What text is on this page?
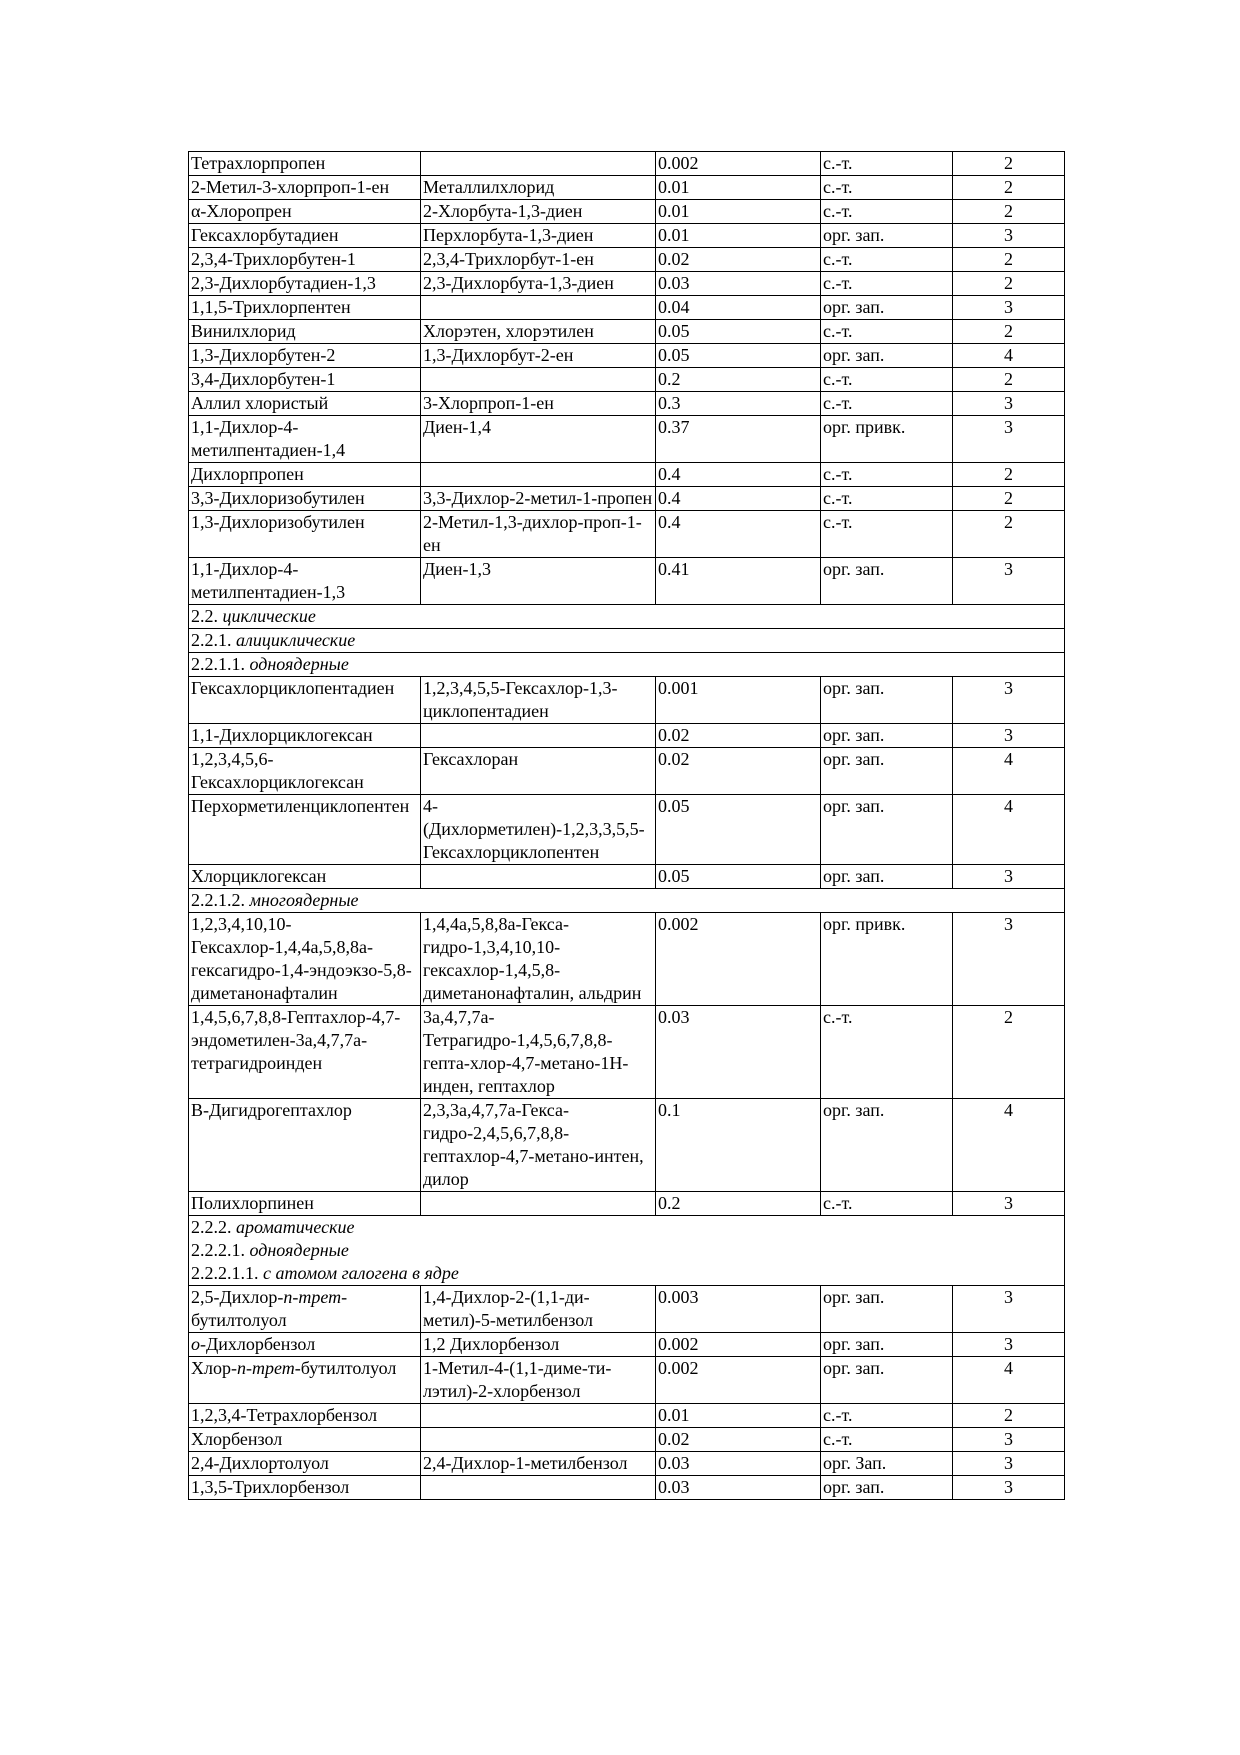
Тетрахлорпропен		0.002	с.-т.	2
2-Метил-3-хлорпроп-1-ен	Металлилхлорид	0.01	с.-т.	2
α-Хлоропрен	2-Хлорбута-1,3-диен	0.01	с.-т.	2
Гексахлорбутадиен	Перхлорбута-1,3-диен	0.01	орг. зап.	3
2,3,4-Трихлорбутен-1	2,3,4-Трихлорбут-1-ен	0.02	с.-т.	2
2,3-Дихлорбутадиен-1,3	2,3-Дихлорбута-1,3-диен	0.03	с.-т.	2
1,1,5-Трихлорпентен		0.04	орг. зап.	3
Винилхлорид	Хлорэтен, хлорэтилен	0.05	с.-т.	2
1,3-Дихлорбутен-2	1,3-Дихлорбут-2-ен	0.05	орг. зап.	4
3,4-Дихлорбутен-1		0.2	с.-т.	2
Аллил хлористый	3-Хлорпроп-1-ен	0.3	с.-т.	3
1,1-Дихлор-4-метилпентадиен-1,4	Диен-1,4	0.37	орг. привк.	3
Дихлорпропен		0.4	с.-т.	2
3,3-Дихлоризобутилен	3,3-Дихлор-2-метил-1-пропен	0.4	с.-т.	2
1,3-Дихлоризобутилен	2-Метил-1,3-дихлор-проп-1-ен	0.4	с.-т.	2
1,1-Дихлор-4-метилпентадиен-1,3	Диен-1,3	0.41	орг. зап.	3

2.2. циклические				

2.2.1. алициклические				

2.2.1.1. одноядерные				

Гексахлорциклопентадиен	1,2,3,4,5,5-Гексахлор-1,3-циклопентадиен	0.001	орг. зап.	3
1,1-Дихлорциклогексан		0.02	орг. зап.	3
1,2,3,4,5,6-Гексахлорциклогексан	Гексахлоран	0.02	орг. зап.	4
Перхорметиленциклопентен	4-(Дихлорметилен)-1,2,3,3,5,5-Гексахлорциклопентен	0.05	орг. зап.	4
Хлорциклогексан		0.05	орг. зап.	3

2.2.1.2. многоядерные				

1,2,3,4,10,10-Гексахлор-1,4,4а,5,8,8а-гексагидро-1,4-эндоэкзо-5,8-диметанонафталин	1,4,4а,5,8,8а-Гекса-гидро-1,3,4,10,10-гексахлор-1,4,5,8-диметанонафталин, альдрин	0.002	орг. привк.	3
1,4,5,6,7,8,8-Гептахлор-4,7-эндометилен-3а,4,7,7а-тетрагидроинден	3а,4,7,7а-Тетрагидро-1,4,5,6,7,8,8-гепта-хлор-4,7-метано-1Н-инден, гептахлор	0.03	с.-т.	2
В-Дигидрогептахлор	2,3,3а,4,7,7а-Гекса-гидро-2,4,5,6,7,8,8-гептахлор-4,7-метано-интен, дилор	0.1	орг. зап.	4
Полихлорпинен		0.2	с.-т.	3

2.2.2. ароматические
2.2.2.1. одноядерные
2.2.2.1.1. с атомом галогена в ядре				

2,5-Дихлор-п-трет-бутилтолуол	1,4-Дихлор-2-(1,1-ди-метил)-5-метилбензол	0.003	орг. зап.	3
о-Дихлорбензол	1,2 Дихлорбензол	0.002	орг. зап.	3
Хлор-п-трет-бутилтолуол	1-Метил-4-(1,1-диме-ти-лэтил)-2-хлорбензол	0.002	орг. зап.	4
1,2,3,4-Тетрахлорбензол		0.01	с.-т.	2
Хлорбензол		0.02	с.-т.	3
2,4-Дихлортолуол	2,4-Дихлор-1-метилбензол	0.03	орг. Зап.	3
1,3,5-Трихлорбензол		0.03	орг. зап.	3
